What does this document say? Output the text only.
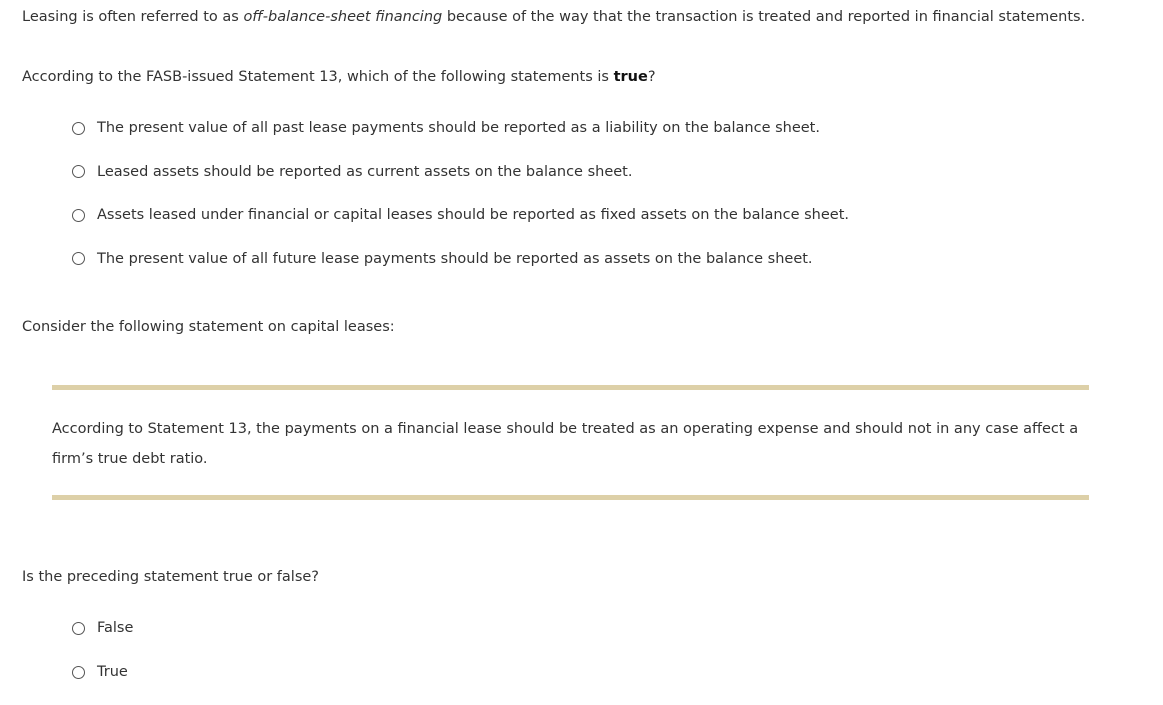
Leasing is often referred to as off-balance-sheet financing because of the way that the transaction is treated and reported in financial statements.
According to the FASB-issued Statement 13, which of the following statements is true?
The present value of all past lease payments should be reported as a liability on the balance sheet.
Leased assets should be reported as current assets on the balance sheet.
Assets leased under financial or capital leases should be reported as fixed assets on the balance sheet.
The present value of all future lease payments should be reported as assets on the balance sheet.
Consider the following statement on capital leases:
According to Statement 13, the payments on a financial lease should be treated as an operating expense and should not in any case affect a firm’s true debt ratio.
Is the preceding statement true or false?
False
True
